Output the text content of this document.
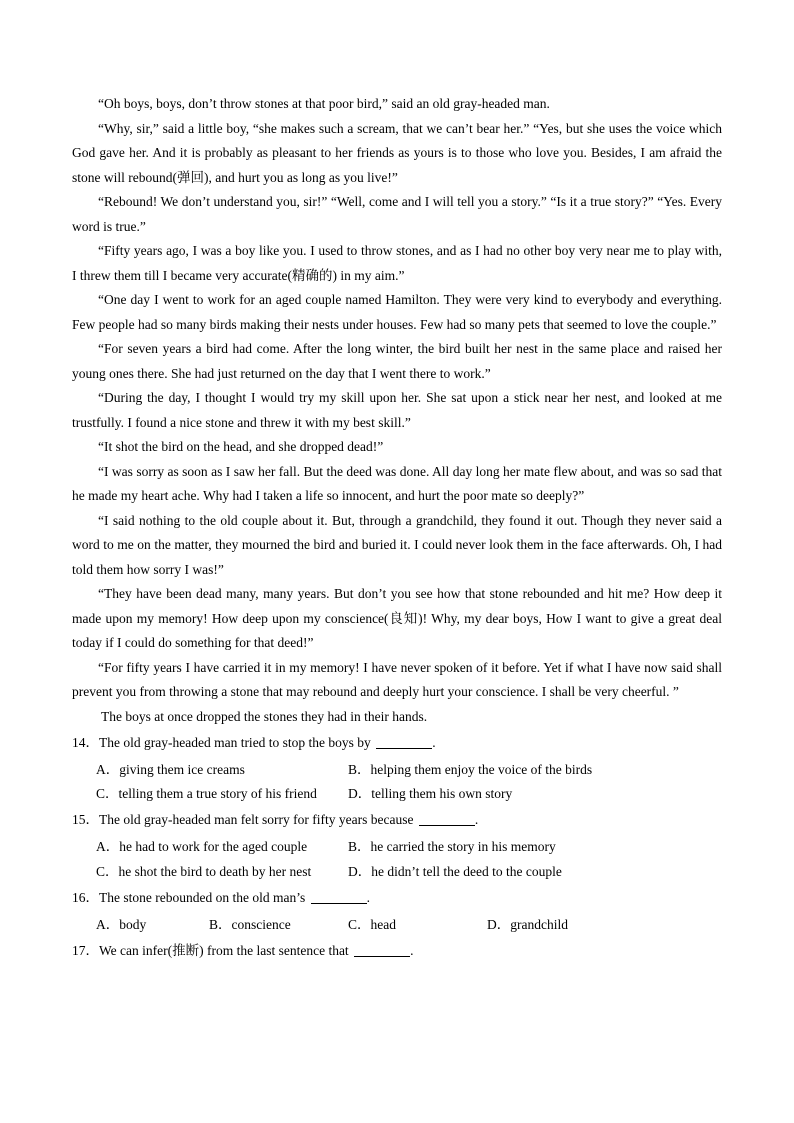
“Oh boys, boys, don’t throw stones at that poor bird,” said an old gray-headed man.

“Why, sir,” said a little boy, “she makes such a scream, that we can’t bear her.” “Yes, but she uses the voice which God gave her. And it is probably as pleasant to her friends as yours is to those who love you. Besides, I am afraid the stone will rebound(弹回), and hurt you as long as you live!”

“Rebound! We don’t understand you, sir!” “Well, come and I will tell you a story.” “Is it a true story?” “Yes. Every word is true.”

“Fifty years ago, I was a boy like you. I used to throw stones, and as I had no other boy very near me to play with, I threw them till I became very accurate(精确的) in my aim.”

“One day I went to work for an aged couple named Hamilton. They were very kind to everybody and everything. Few people had so many birds making their nests under houses. Few had so many pets that seemed to love the couple.”

“For seven years a bird had come. After the long winter, the bird built her nest in the same place and raised her young ones there. She had just returned on the day that I went there to work.”

“During the day, I thought I would try my skill upon her. She sat upon a stick near her nest, and looked at me trustfully. I found a nice stone and threw it with my best skill.”

“It shot the bird on the head, and she dropped dead!”

“I was sorry as soon as I saw her fall. But the deed was done. All day long her mate flew about, and was so sad that he made my heart ache. Why had I taken a life so innocent, and hurt the poor mate so deeply?”

“I said nothing to the old couple about it. But, through a grandchild, they found it out. Though they never said a word to me on the matter, they mourned the bird and buried it. I could never look them in the face afterwards. Oh, I had told them how sorry I was!”

“They have been dead many, many years. But don’t you see how that stone rebounded and hit me? How deep it made upon my memory! How deep upon my conscience(良知)! Why, my dear boys, How I want to give a great deal today if I could do something for that deed!”

“For fifty years I have carried it in my memory! I have never spoken of it before. Yet if what I have now said shall prevent you from throwing a stone that may rebound and deeply hurt your conscience. I shall be very cheerful. ”

The boys at once dropped the stones they had in their hands.

14．The old gray-headed man tried to stop the boys by	.

A．giving them ice creams	B．helping them enjoy the voice of the birds
C．telling them a true story of his friend	D．telling them his own story

15．The old gray-headed man felt sorry for fifty years because	.

A．he had to work for the aged couple	B．he carried the story in his memory
C．he shot the bird to death by her nest	D．he didn’t tell the deed to the couple

16．The stone rebounded on the old man’s	.

A．body	B．conscience	C．head	D．grandchild

17．We can infer(推断) from the last sentence that	.
